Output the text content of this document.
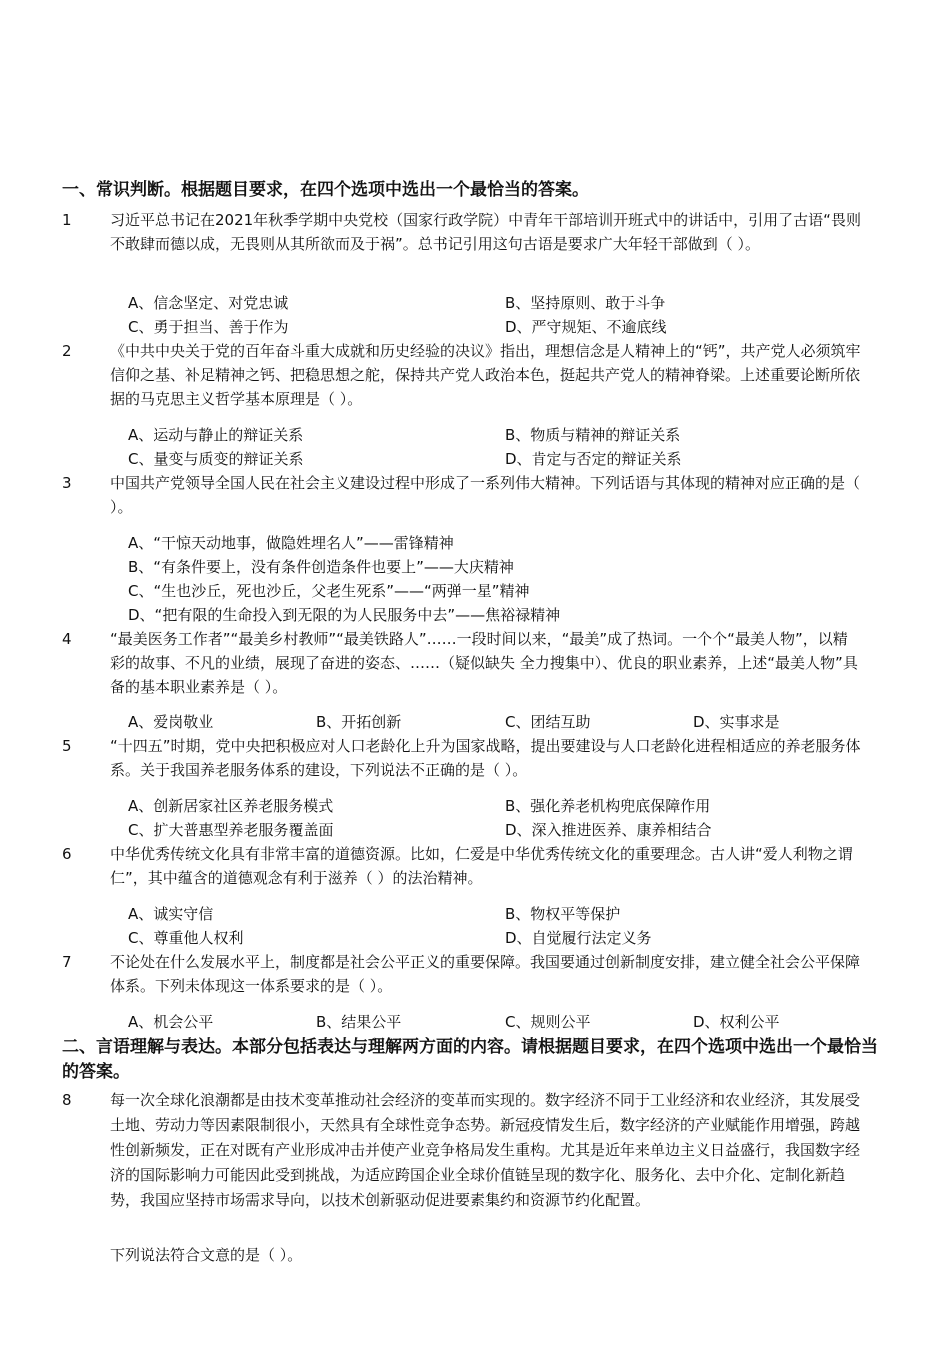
一、常识判断。根据题目要求，在四个选项中选出一个最恰当的答案。
1	习近平总书记在2021年秋季学期中央党校（国家行政学院）中青年干部培训开班式中的讲话中，引用了古语“畏则不敢肆而德以成，无畏则从其所欲而及于祸”。总书记引用这句古语是要求广大年轻干部做到（ ）。
A、信念坚定、对党忠诚	B、坚持原则、敢于斗争
C、勇于担当、善于作为	D、严守规矩、不逾底线
2	《中共中央关于党的百年奋斗重大成就和历史经验的决议》指出，理想信念是人精神上的“钙”，共产党人必须筑牢信仰之基、补足精神之钙、把稳思想之舵，保持共产党人政治本色，挺起共产党人的精神脊梁。上述重要论断所依据的马克思主义哲学基本原理是（ ）。
A、运动与静止的辩证关系	B、物质与精神的辩证关系
C、量变与质变的辩证关系	D、肯定与否定的辩证关系
3	中国共产党领导全国人民在社会主义建设过程中形成了一系列伟大精神。下列话语与其体现的精神对应正确的是（ ）。
A、“干惊天动地事，做隐姓埋名人”——雷锋精神
B、“有条件要上，没有条件创造条件也要上”——大庆精神
C、“生也沙丘，死也沙丘，父老生死系”——“两弹一星”精神
D、“把有限的生命投入到无限的为人民服务中去”——焦裕禄精神
4	“最美医务工作者”“最美乡村教师”“最美铁路人”……一段时间以来，“最美”成了热词。一个个“最美人物”，以精彩的故事、不凡的业绩，展现了奋进的姿态、……（疑似缺失 全力搜集中）、优良的职业素养，上述“最美人物”具备的基本职业素养是（ ）。
A、爱岗敬业	B、开拓创新	C、团结互助	D、实事求是
5	“十四五”时期，党中央把积极应对人口老龄化上升为国家战略，提出要建设与人口老龄化进程相适应的养老服务体系。关于我国养老服务体系的建设，下列说法不正确的是（ ）。
A、创新居家社区养老服务模式	B、强化养老机构兜底保障作用
C、扩大普惠型养老服务覆盖面	D、深入推进医养、康养相结合
6	中华优秀传统文化具有非常丰富的道德资源。比如，仁爱是中华优秀传统文化的重要理念。古人讲“爱人利物之谓仁”，其中蕴含的道德观念有利于滋养（ ）的法治精神。
A、诚实守信	B、物权平等保护
C、尊重他人权利	D、自觉履行法定义务
7	不论处在什么发展水平上，制度都是社会公平正义的重要保障。我国要通过创新制度安排，建立健全社会公平保障体系。下列未体现这一体系要求的是（ ）。
A、机会公平	B、结果公平	C、规则公平	D、权利公平
二、言语理解与表达。本部分包括表达与理解两方面的内容。请根据题目要求，在四个选项中选出一个最恰当的答案。
8	每一次全球化浪潮都是由技术变革推动社会经济的变革而实现的。数字经济不同于工业经济和农业经济，其发展受土地、劳动力等因素限制很小，天然具有全球性竞争态势。新冠疫情发生后，数字经济的产业赋能作用增强，跨越性创新频发，正在对既有产业形成冲击并使产业竞争格局发生重构。尤其是近年来单边主义日益盛行，我国数字经济的国际影响力可能因此受到挑战，为适应跨国企业全球价值链呈现的数字化、服务化、去中介化、定制化新趋势，我国应坚持市场需求导向，以技术创新驱动促进要素集约和资源节约化配置。
下列说法符合文意的是（ ）。
